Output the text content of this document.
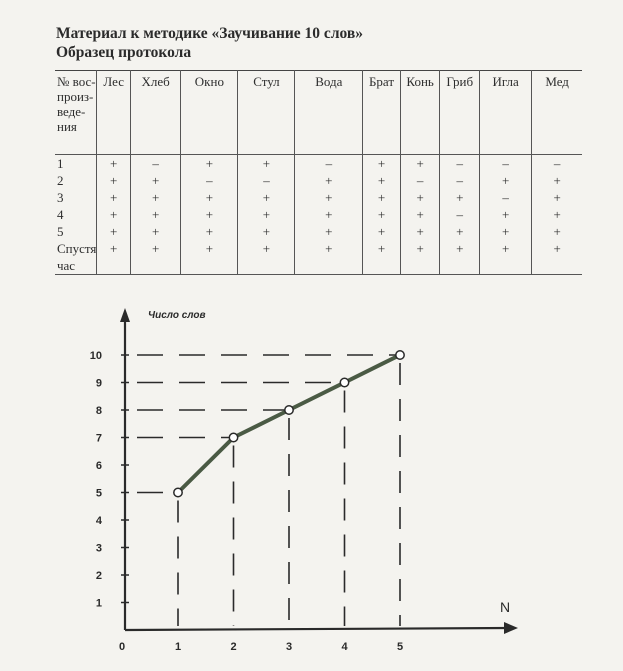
Материал к методике «Заучивание 10 слов»
Образец протокола
№ вос-
произ-
веде-
ния	Лес	Хлеб	Окно	Стул	Вода	Брат	Конь	Гриб	Игла	Мед

1	+	–	+	+	–	+	+	–	–	–

2	+	+	–	–	+	+	–	–	+	+

3	+	+	+	+	+	+	+	+	–	+

4	+	+	+	+	+	+	+	–	+	+

5	+	+	+	+	+	+	+	+	+	+

Спустя
час	+	+	+	+	+	+	+	+	+	+
1
2
3
4
5
6
7
8
9
10
0	1	2	3	4	5
Число слов
N
